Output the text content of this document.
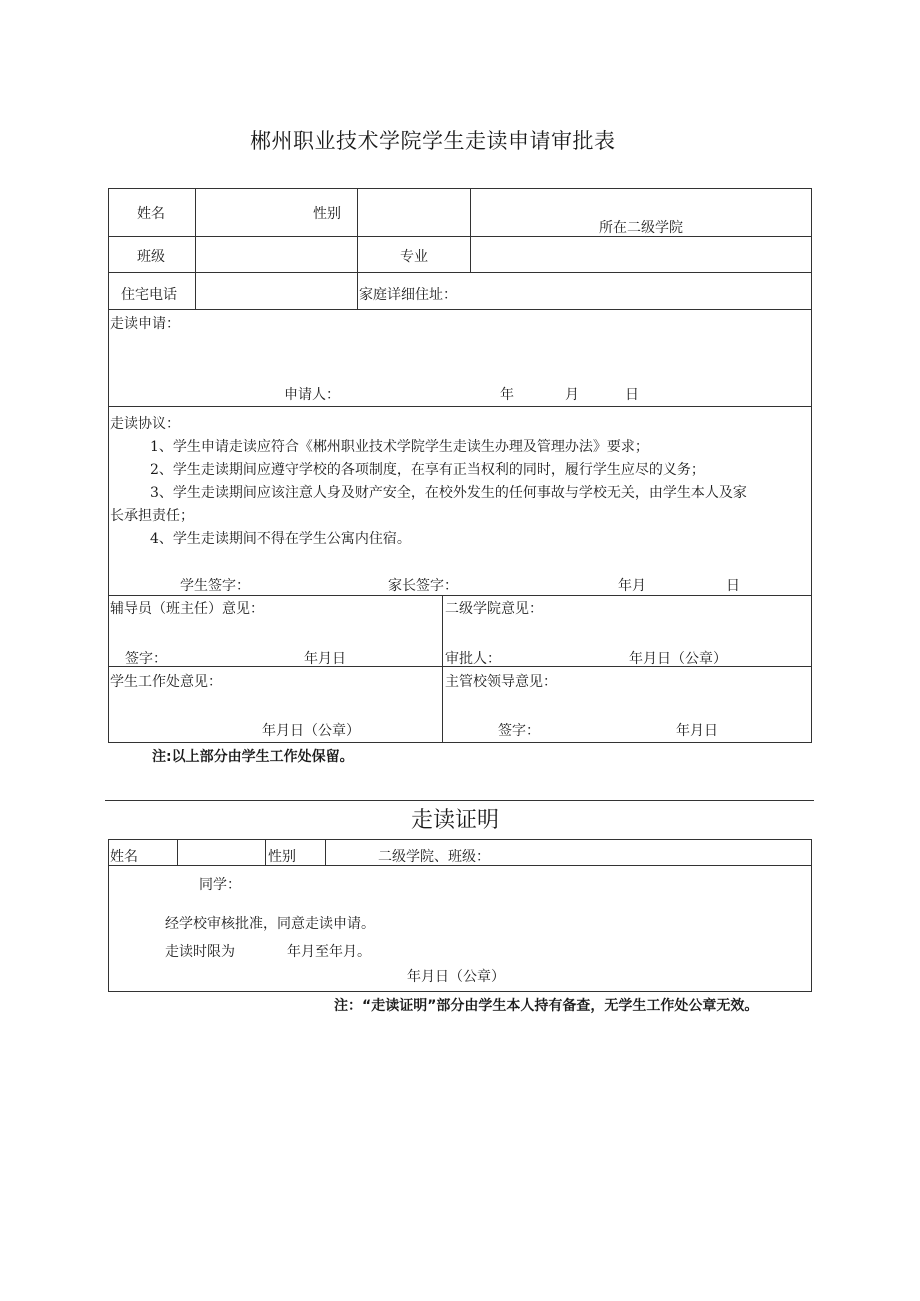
郴州职业技术学院学生走读申请审批表
姓名	性别
所在二级学院
班级	专业
住宅电话	家庭详细住址：
走读申请：
申请人：	年	月	日
走读协议：
1、学生申请走读应符合《郴州职业技术学院学生走读生办理及管理办法》要求；
2、学生走读期间应遵守学校的各项制度，在享有正当权利的同时，履行学生应尽的义务；
3、学生走读期间应该注意人身及财产安全，在校外发生的任何事故与学校无关，由学生本人及家
长承担责任；
4、学生走读期间不得在学生公寓内住宿。
学生签字：	家长签字：	年月	日
辅导员（班主任）意见：
签字：	年月日
二级学院意见：
审批人：	年月日（公章）
学生工作处意见：
年月日（公章）
主管校领导意见：
签字：	年月日
注:以上部分由学生工作处保留。
走读证明
姓名	性别	二级学院、班级：
同学：
经学校审核批准，同意走读申请。
走读时限为	年月至年月。
年月日（公章）
注：“走读证明”部分由学生本人持有备查，无学生工作处公章无效。
